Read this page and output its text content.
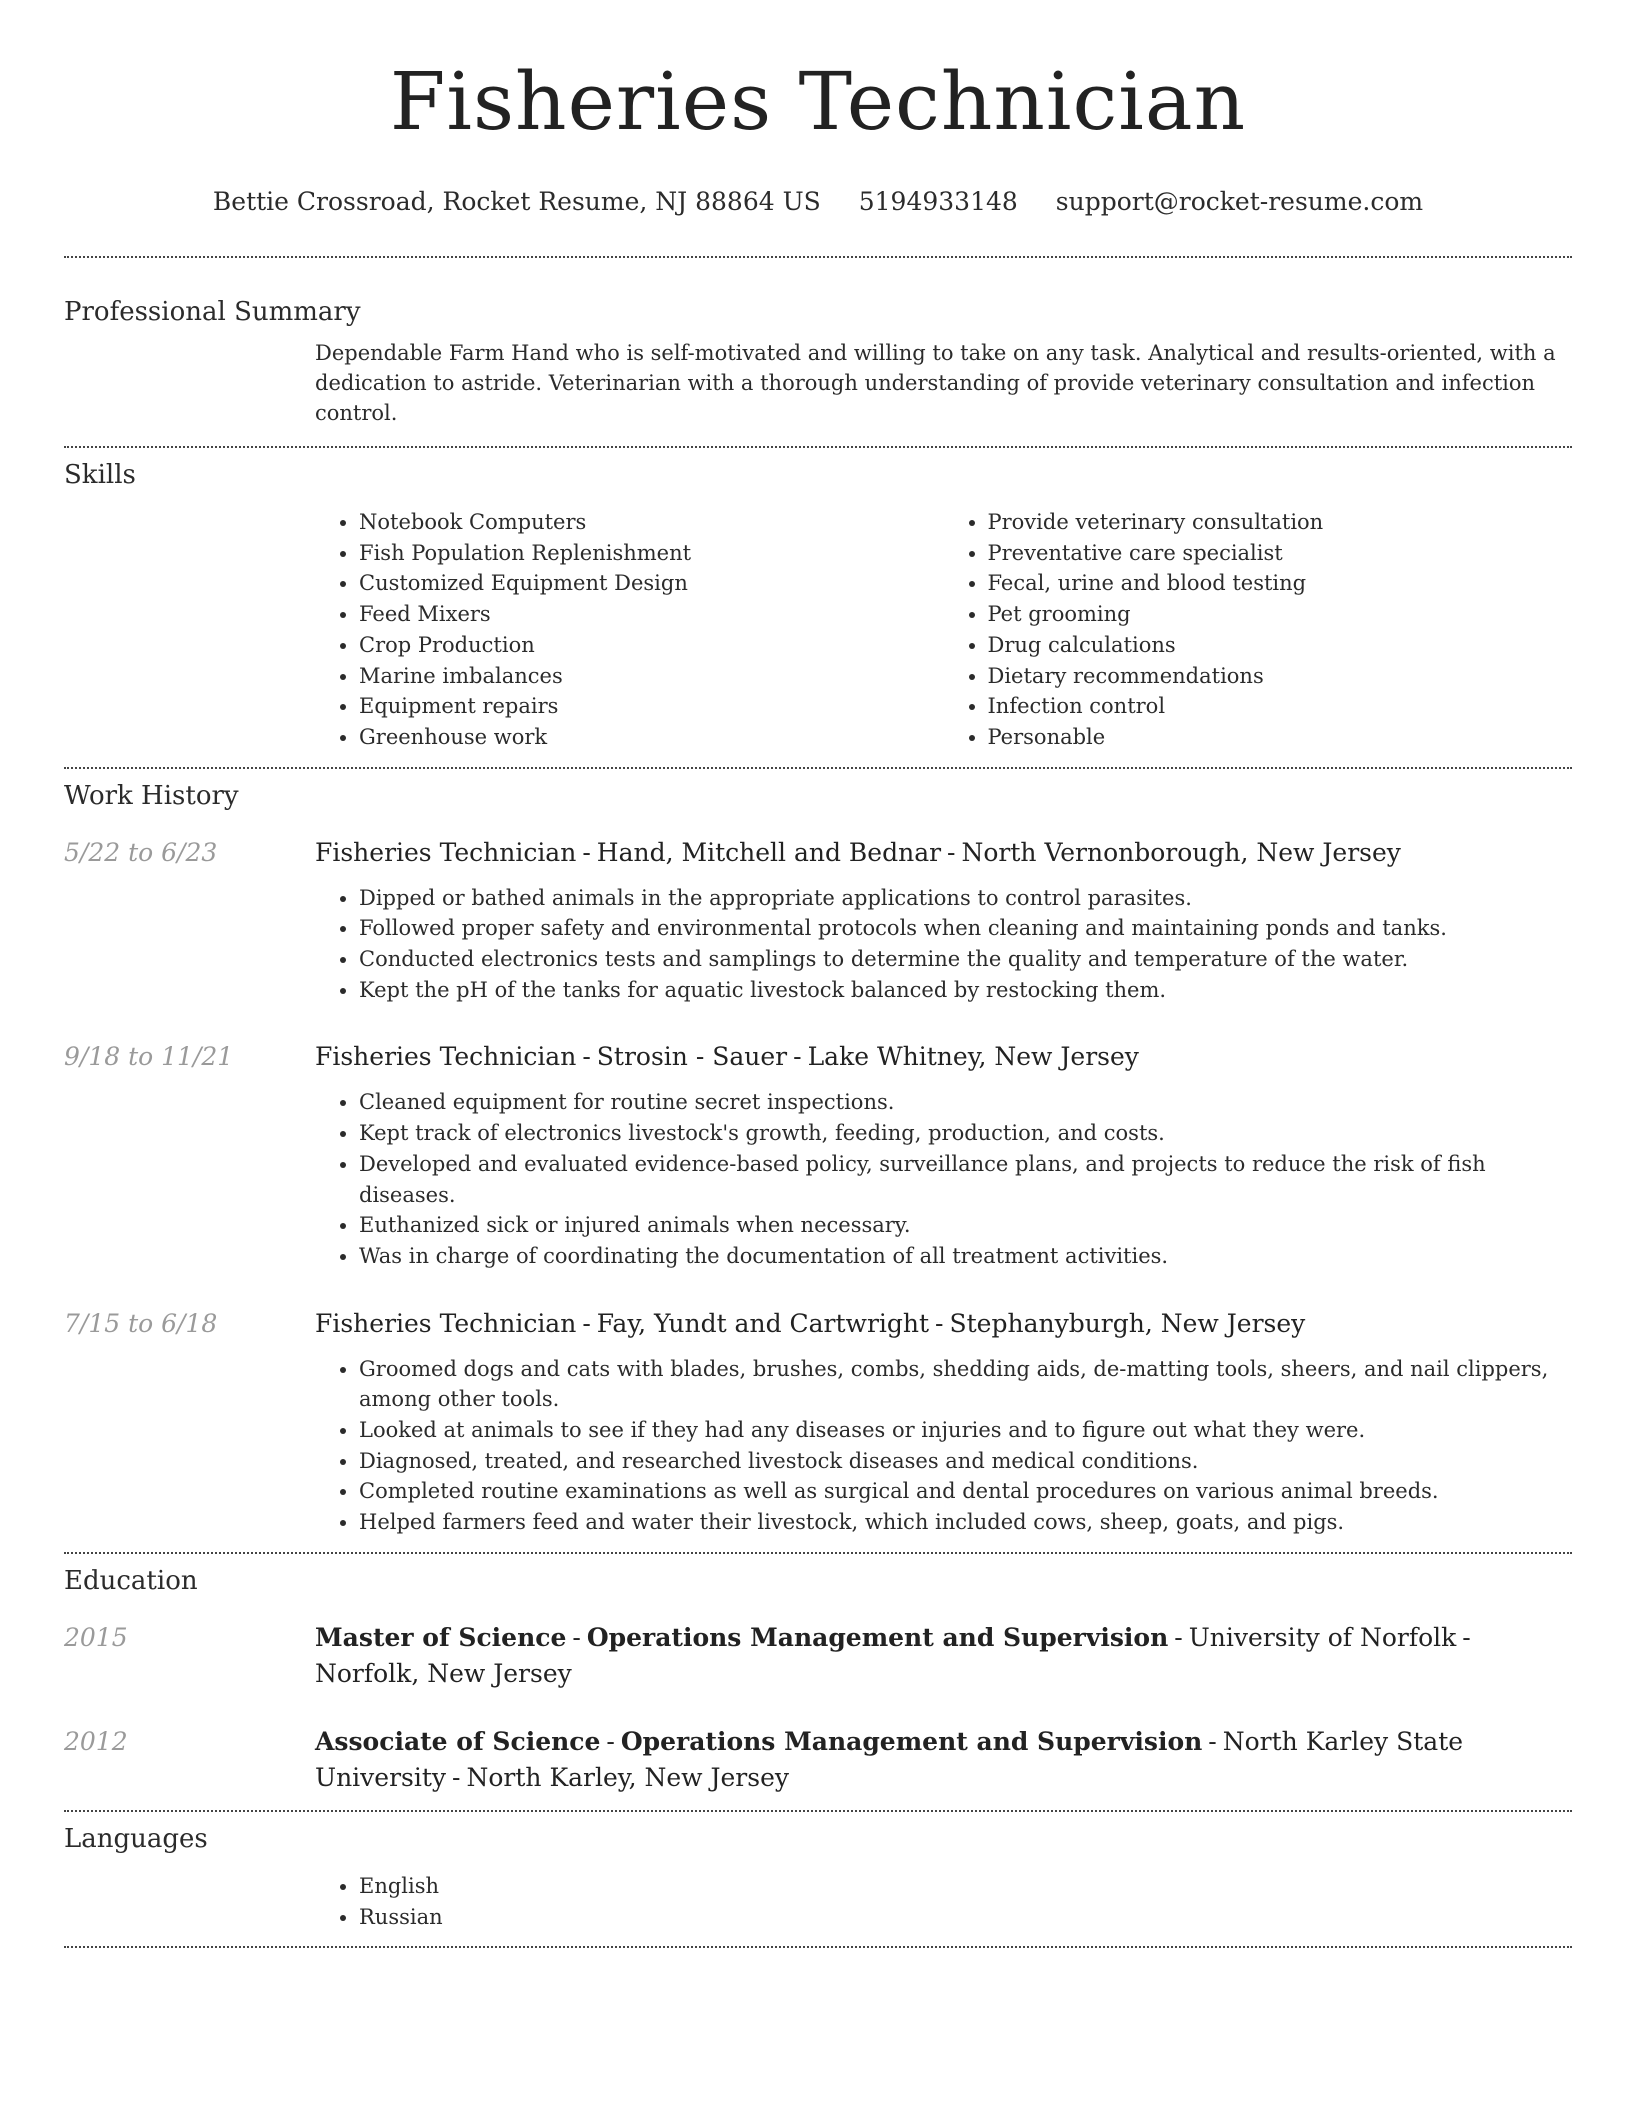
Fisheries Technician
Bettie Crossroad, Rocket Resume, NJ 88864 US 5194933148 support@rocket-resume.com
Professional Summary
Dependable Farm Hand who is self-motivated and willing to take on any task. Analytical and results-oriented, with a dedication to astride. Veterinarian with a thorough understanding of provide veterinary consultation and infection control.
Skills
• Notebook Computers
• Fish Population Replenishment
• Customized Equipment Design
• Feed Mixers
• Crop Production
• Marine imbalances
• Equipment repairs
• Greenhouse work
• Provide veterinary consultation
• Preventative care specialist
• Fecal, urine and blood testing
• Pet grooming
• Drug calculations
• Dietary recommendations
• Infection control
• Personable
Work History
5/22 to 6/23	Fisheries Technician - Hand, Mitchell and Bednar - North Vernonborough, New Jersey
• Dipped or bathed animals in the appropriate applications to control parasites.
• Followed proper safety and environmental protocols when cleaning and maintaining ponds and tanks.
• Conducted electronics tests and samplings to determine the quality and temperature of the water.
• Kept the pH of the tanks for aquatic livestock balanced by restocking them.
9/18 to 11/21	Fisheries Technician - Strosin - Sauer - Lake Whitney, New Jersey
• Cleaned equipment for routine secret inspections.
• Kept track of electronics livestock's growth, feeding, production, and costs.
• Developed and evaluated evidence-based policy, surveillance plans, and projects to reduce the risk of fish diseases.
• Euthanized sick or injured animals when necessary.
• Was in charge of coordinating the documentation of all treatment activities.
7/15 to 6/18	Fisheries Technician - Fay, Yundt and Cartwright - Stephanyburgh, New Jersey
• Groomed dogs and cats with blades, brushes, combs, shedding aids, de-matting tools, sheers, and nail clippers, among other tools.
• Looked at animals to see if they had any diseases or injuries and to figure out what they were.
• Diagnosed, treated, and researched livestock diseases and medical conditions.
• Completed routine examinations as well as surgical and dental procedures on various animal breeds.
• Helped farmers feed and water their livestock, which included cows, sheep, goats, and pigs.
Education
2015	Master of Science - Operations Management and Supervision - University of Norfolk -Norfolk, New Jersey
2012	Associate of Science - Operations Management and Supervision - North Karley State University - North Karley, New Jersey
Languages
• English
• Russian
